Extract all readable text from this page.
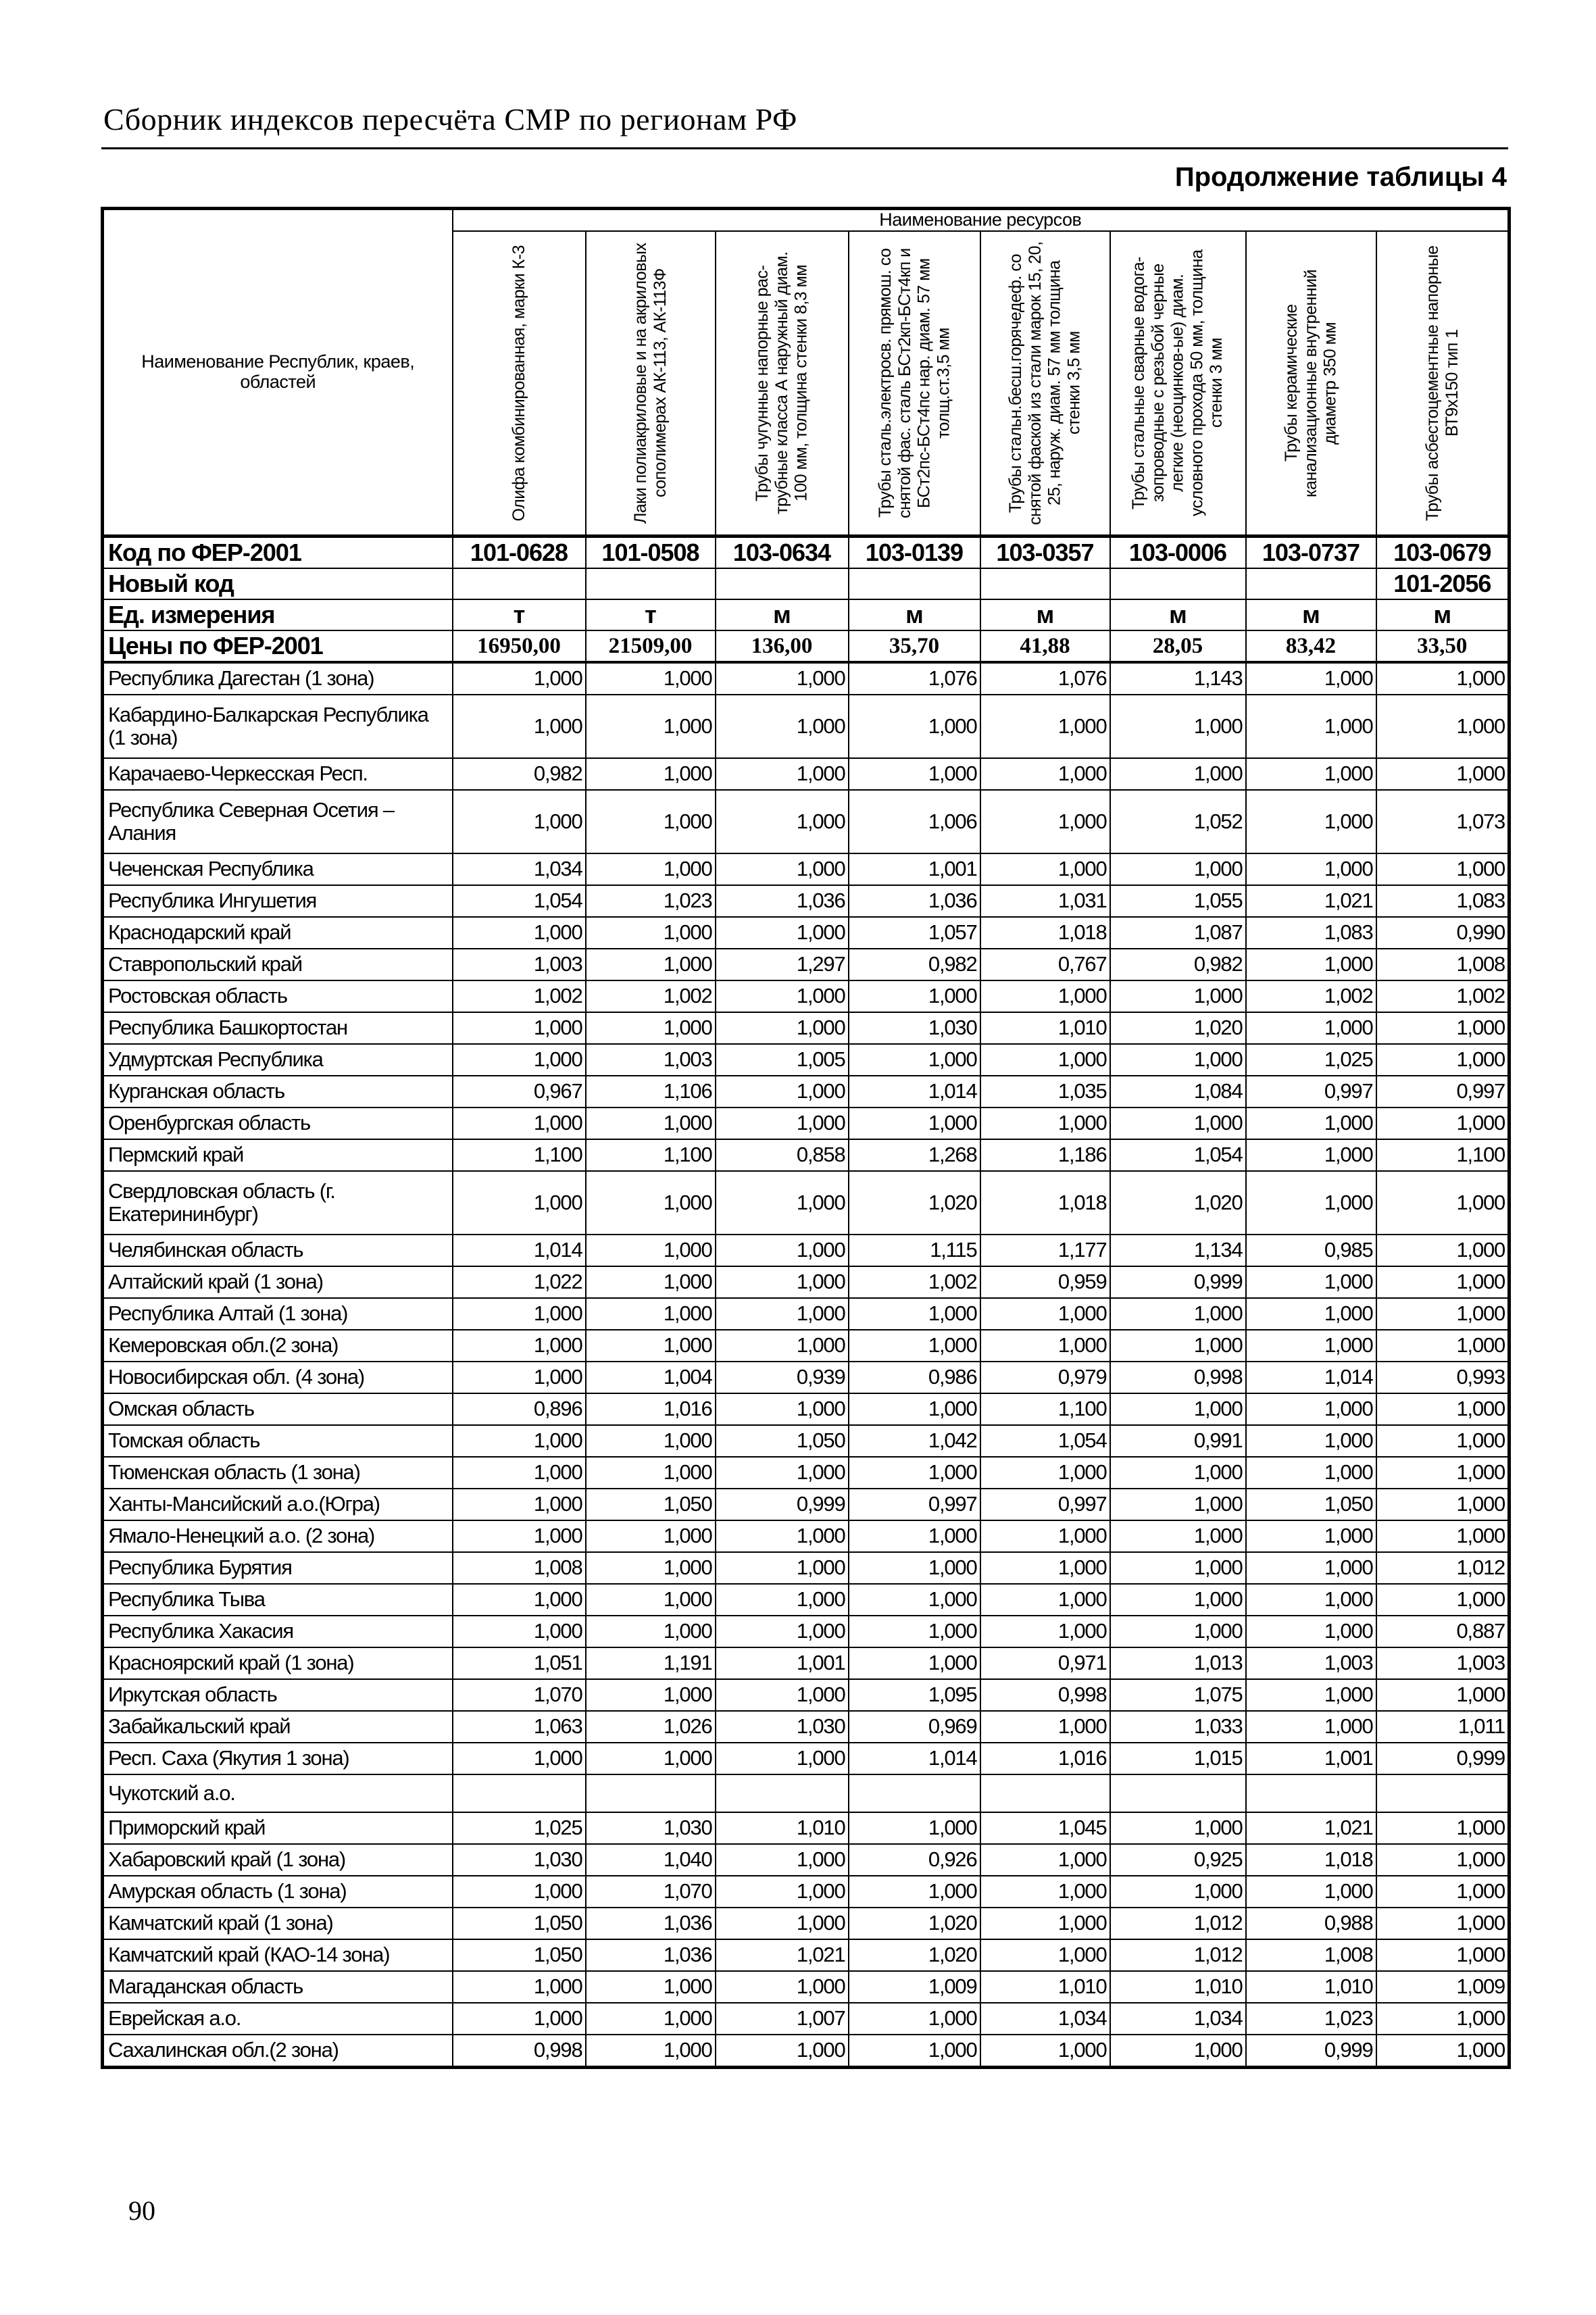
Сборник индексов пересчёта СМР по регионам РФ
Продолжение таблицы 4
Наименование Республик, краев, областей	Наименование ресурсов							

	Олифа комбинированная, марки К-3	Лаки полиакриловые и на акриловых сополимерах АК-113, АК-113Ф	Трубы чугунные напорные рас-трубные класса А наружный диам. 100 мм, толщина стенки 8,3 мм	Трубы сталь.электросв. прямош. со снятой фас. сталь БСт2кп-БСт4кп и БСт2пс-БСт4пс нар. диам. 57 мм толщ.ст.3,5 мм	Трубы стальн.бесш.горячедеф. со снятой фаской из стали марок 15, 20, 25, наруж. диам. 57 мм толщина стенки 3,5 мм	Трубы стальные сварные водога-зопроводные с резьбой черные легкие (неоцинков-ые) диам. условного прохода 50 мм, толщина стенки 3 мм	Трубы керамические канализационные внутренний диаметр 350 мм	Трубы асбестоцементные напорные ВТ9х150 тип 1

Код по ФЕР-2001	101-0628	101-0508	103-0634	103-0139	103-0357	103-0006	103-0737	103-0679
Новый код								101-2056
Ед. измерения	т	т	м	м	м	м	м	м
Цены по ФЕР-2001	16950,00	21509,00	136,00	35,70	41,88	28,05	83,42	33,50
Республика Дагестан (1 зона)	1,000	1,000	1,000	1,076	1,076	1,143	1,000	1,000
Кабардино-Балкарская Республика (1 зона)	1,000	1,000	1,000	1,000	1,000	1,000	1,000	1,000
Карачаево-Черкесская Респ.	0,982	1,000	1,000	1,000	1,000	1,000	1,000	1,000
Республика Северная Осетия – Алания	1,000	1,000	1,000	1,006	1,000	1,052	1,000	1,073
Чеченская Республика	1,034	1,000	1,000	1,001	1,000	1,000	1,000	1,000
Республика Ингушетия	1,054	1,023	1,036	1,036	1,031	1,055	1,021	1,083
Краснодарский край	1,000	1,000	1,000	1,057	1,018	1,087	1,083	0,990
Ставропольский край	1,003	1,000	1,297	0,982	0,767	0,982	1,000	1,008
Ростовская область	1,002	1,002	1,000	1,000	1,000	1,000	1,002	1,002
Республика Башкортостан	1,000	1,000	1,000	1,030	1,010	1,020	1,000	1,000
Удмуртская Республика	1,000	1,003	1,005	1,000	1,000	1,000	1,025	1,000
Курганская область	0,967	1,106	1,000	1,014	1,035	1,084	0,997	0,997
Оренбургская область	1,000	1,000	1,000	1,000	1,000	1,000	1,000	1,000
Пермский край	1,100	1,100	0,858	1,268	1,186	1,054	1,000	1,100
Свердловская область (г. Екатерининбург)	1,000	1,000	1,000	1,020	1,018	1,020	1,000	1,000
Челябинская область	1,014	1,000	1,000	1,115	1,177	1,134	0,985	1,000
Алтайский край (1 зона)	1,022	1,000	1,000	1,002	0,959	0,999	1,000	1,000
Республика Алтай (1 зона)	1,000	1,000	1,000	1,000	1,000	1,000	1,000	1,000
Кемеровская обл.(2 зона)	1,000	1,000	1,000	1,000	1,000	1,000	1,000	1,000
Новосибирская обл. (4 зона)	1,000	1,004	0,939	0,986	0,979	0,998	1,014	0,993
Омская область	0,896	1,016	1,000	1,000	1,100	1,000	1,000	1,000
Томская область	1,000	1,000	1,050	1,042	1,054	0,991	1,000	1,000
Тюменская область (1 зона)	1,000	1,000	1,000	1,000	1,000	1,000	1,000	1,000
Ханты-Мансийский а.о.(Югра)	1,000	1,050	0,999	0,997	0,997	1,000	1,050	1,000
Ямало-Ненецкий а.о. (2 зона)	1,000	1,000	1,000	1,000	1,000	1,000	1,000	1,000
Республика Бурятия	1,008	1,000	1,000	1,000	1,000	1,000	1,000	1,012
Республика Тыва	1,000	1,000	1,000	1,000	1,000	1,000	1,000	1,000
Республика Хакасия	1,000	1,000	1,000	1,000	1,000	1,000	1,000	0,887
Красноярский край (1 зона)	1,051	1,191	1,001	1,000	0,971	1,013	1,003	1,003
Иркутская область	1,070	1,000	1,000	1,095	0,998	1,075	1,000	1,000
Забайкальский край	1,063	1,026	1,030	0,969	1,000	1,033	1,000	1,011
Респ. Саха (Якутия 1 зона)	1,000	1,000	1,000	1,014	1,016	1,015	1,001	0,999
Чукотский а.о.								
Приморский край	1,025	1,030	1,010	1,000	1,045	1,000	1,021	1,000
Хабаровский край (1 зона)	1,030	1,040	1,000	0,926	1,000	0,925	1,018	1,000
Амурская область (1 зона)	1,000	1,070	1,000	1,000	1,000	1,000	1,000	1,000
Камчатский край (1 зона)	1,050	1,036	1,000	1,020	1,000	1,012	0,988	1,000
Камчатский край (КАО-14 зона)	1,050	1,036	1,021	1,020	1,000	1,012	1,008	1,000
Магаданская область	1,000	1,000	1,000	1,009	1,010	1,010	1,010	1,009
Еврейская а.о.	1,000	1,000	1,007	1,000	1,034	1,034	1,023	1,000
Сахалинская обл.(2 зона)	0,998	1,000	1,000	1,000	1,000	1,000	0,999	1,000
90
